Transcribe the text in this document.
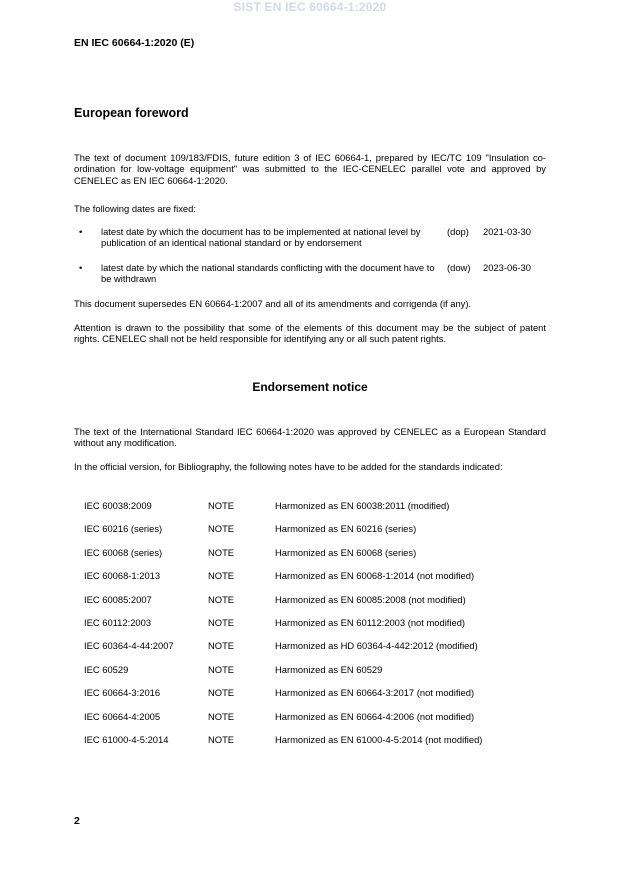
SIST EN IEC 60664-1:2020
EN IEC 60664-1:2020 (E)
European foreword
The text of document 109/183/FDIS, future edition 3 of IEC 60664-1, prepared by IEC/TC 109 "Insulation co-ordination for low-voltage equipment" was submitted to the IEC-CENELEC parallel vote and approved by CENELEC as EN IEC 60664-1:2020.
The following dates are fixed:
• latest date by which the document has to be implemented at national level by publication of an identical national standard or by endorsement
(dop) 2021-03-30
• latest date by which the national standards conflicting with the document have to be withdrawn
(dow) 2023-06-30
This document supersedes EN 60664-1:2007 and all of its amendments and corrigenda (if any).
Attention is drawn to the possibility that some of the elements of this document may be the subject of patent rights. CENELEC shall not be held responsible for identifying any or all such patent rights.
Endorsement notice
The text of the International Standard IEC 60664-1:2020 was approved by CENELEC as a European Standard without any modification.
In the official version, for Bibliography, the following notes have to be added for the standards indicated:
IEC 60038:2009	NOTE	Harmonized as EN 60038:2011 (modified)
IEC 60216 (series)	NOTE	Harmonized as EN 60216 (series)
IEC 60068 (series)	NOTE	Harmonized as EN 60068 (series)
IEC 60068-1:2013	NOTE	Harmonized as EN 60068-1:2014 (not modified)
IEC 60085:2007	NOTE	Harmonized as EN 60085:2008 (not modified)
IEC 60112:2003	NOTE	Harmonized as EN 60112:2003 (not modified)
IEC 60364-4-44:2007	NOTE	Harmonized as HD 60364-4-442:2012 (modified)
IEC 60529	NOTE	Harmonized as EN 60529
IEC 60664-3:2016	NOTE	Harmonized as EN 60664-3:2017 (not modified)
IEC 60664-4:2005	NOTE	Harmonized as EN 60664-4:2006 (not modified)
IEC 61000-4-5:2014	NOTE	Harmonized as EN 61000-4-5:2014 (not modified)
2
